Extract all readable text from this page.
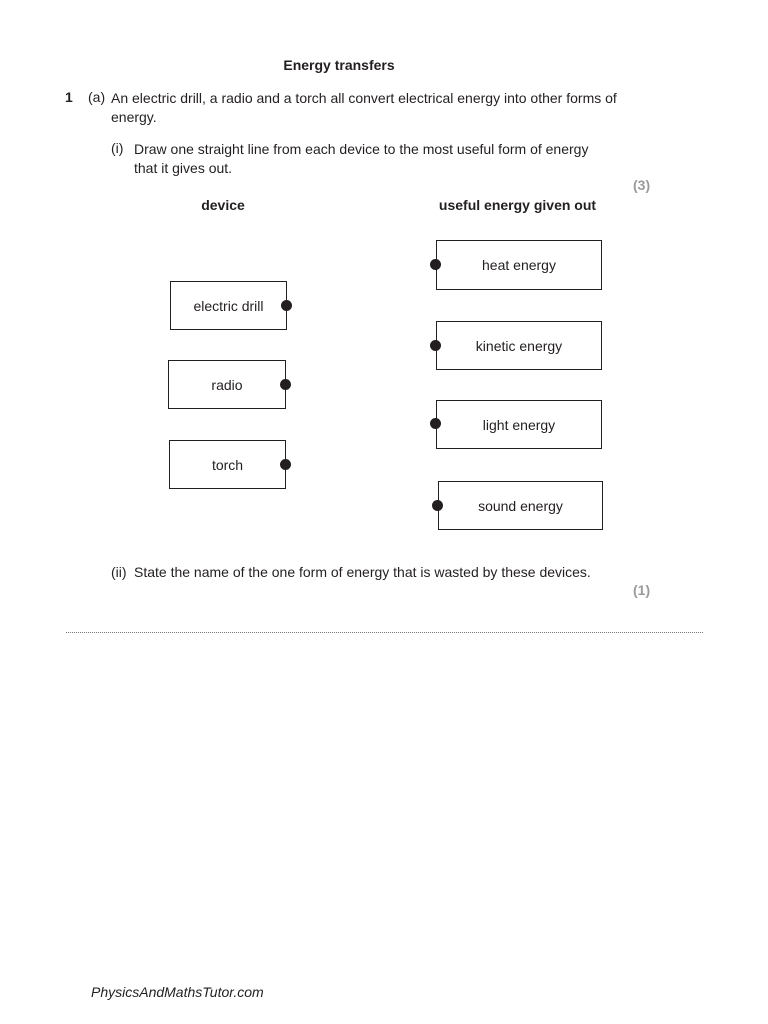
Energy transfers
1 (a) An electric drill, a radio and a torch all convert electrical energy into other forms of energy.
(i) Draw one straight line from each device to the most useful form of energy that it gives out.
(3)
device	useful energy given out
electric drill
radio
torch
heat energy
kinetic energy
light energy
sound energy
(ii) State the name of the one form of energy that is wasted by these devices.
(1)
PhysicsAndMathsTutor.com
